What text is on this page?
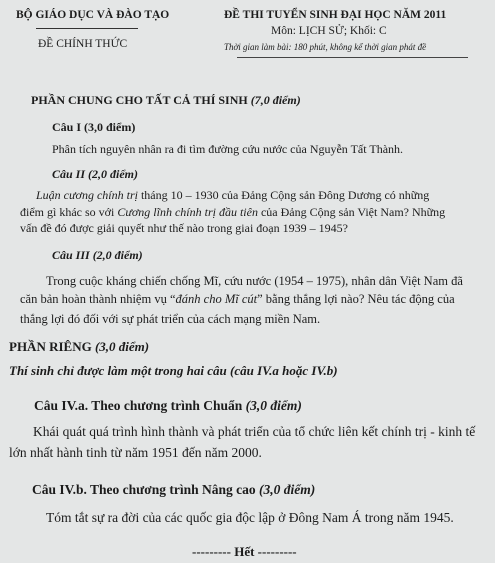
BỘ GIÁO DỤC VÀ ĐÀO TẠO
ĐỀ CHÍNH THỨC
ĐỀ THI TUYỂN SINH ĐẠI HỌC NĂM 2011
Môn: LỊCH SỬ; Khối: C
Thời gian làm bài: 180 phút, không kể thời gian phát đề
PHẦN CHUNG CHO TẤT CẢ THÍ SINH (7,0 điểm)
Câu I (3,0 điểm)
Phân tích nguyên nhân ra đi tìm đường cứu nước của Nguyễn Tất Thành.
Câu II (2,0 điểm)
Luận cương chính trị tháng 10 – 1930 của Đảng Cộng sản Đông Dương có những
điểm gì khác so với Cương lĩnh chính trị đầu tiên của Đảng Cộng sản Việt Nam? Những
vấn đề đó được giải quyết như thế nào trong giai đoạn 1939 – 1945?
Câu III (2,0 điểm)
Trong cuộc kháng chiến chống Mĩ, cứu nước (1954 – 1975), nhân dân Việt Nam đã
căn bản hoàn thành nhiệm vụ “đánh cho Mĩ cút” bằng thắng lợi nào? Nêu tác động của
thắng lợi đó đối với sự phát triển của cách mạng miền Nam.
PHẦN RIÊNG (3,0 điểm)
Thí sinh chỉ được làm một trong hai câu (câu IV.a hoặc IV.b)
Câu IV.a. Theo chương trình Chuẩn (3,0 điểm)
Khái quát quá trình hình thành và phát triển của tổ chức liên kết chính trị - kinh tế
lớn nhất hành tinh từ năm 1951 đến năm 2000.
Câu IV.b. Theo chương trình Nâng cao (3,0 điểm)
Tóm tắt sự ra đời của các quốc gia độc lập ở Đông Nam Á trong năm 1945.
--------- Hết ---------
